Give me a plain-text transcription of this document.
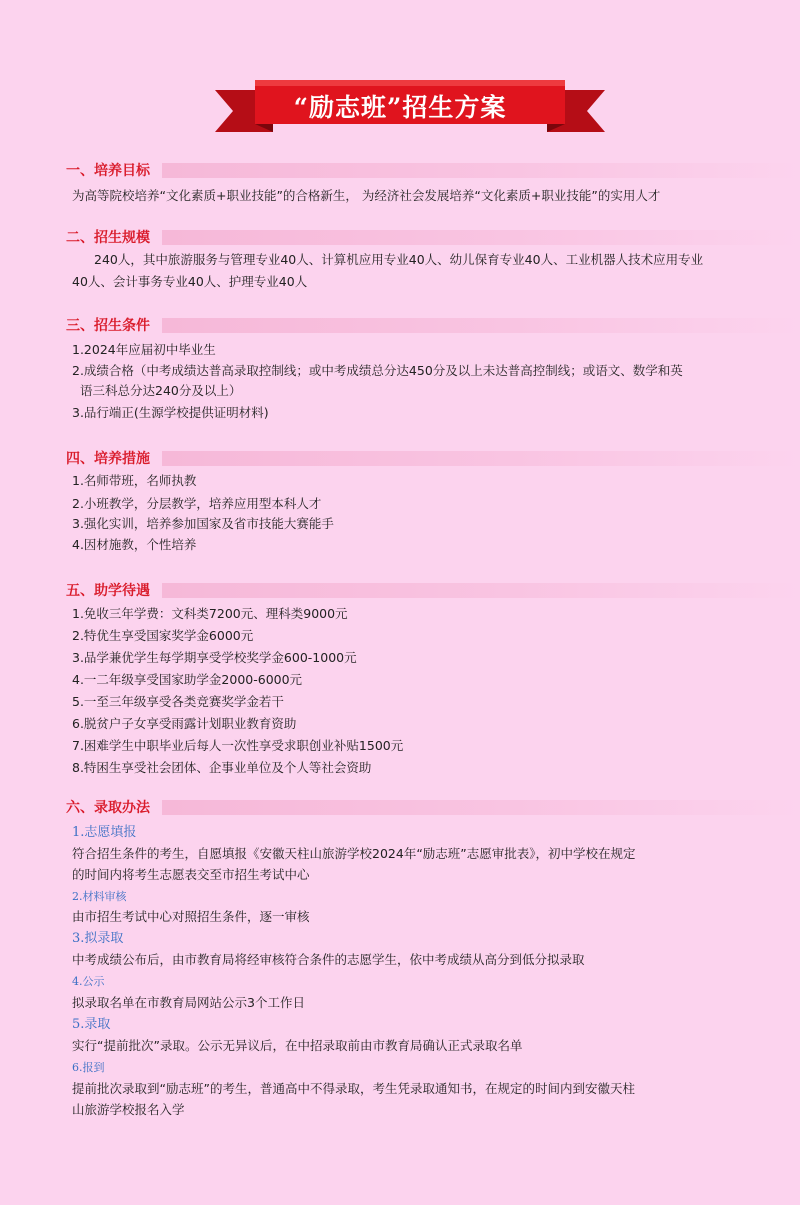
“励志班”招生方案
一、培养目标
为高等院校培养“文化素质+职业技能”的合格新生， 为经济社会发展培养“文化素质+职业技能”的实用人才
二、招生规模
240人，其中旅游服务与管理专业40人、计算机应用专业40人、幼儿保育专业40人、工业机器人技术应用专业
40人、会计事务专业40人、护理专业40人
三、招生条件
1.2024年应届初中毕业生
2.成绩合格（中考成绩达普高录取控制线；或中考成绩总分达450分及以上未达普高控制线；或语文、数学和英
语三科总分达240分及以上）
3.品行端正(生源学校提供证明材料)
四、培养措施
1.名师带班，名师执教
2.小班教学，分层教学，培养应用型本科人才
3.强化实训，培养参加国家及省市技能大赛能手
4.因材施教，个性培养
五、助学待遇
1.免收三年学费：文科类7200元、理科类9000元
2.特优生享受国家奖学金6000元
3.品学兼优学生每学期享受学校奖学金600-1000元
4.一二年级享受国家助学金2000-6000元
5.一至三年级享受各类竞赛奖学金若干
6.脱贫户子女享受雨露计划职业教育资助
7.困难学生中职毕业后每人一次性享受求职创业补贴1500元
8.特困生享受社会团体、企事业单位及个人等社会资助
六、录取办法
1.志愿填报
符合招生条件的考生，自愿填报《安徽天柱山旅游学校2024年“励志班”志愿审批表》，初中学校在规定
的时间内将考生志愿表交至市招生考试中心
2.材料审核
由市招生考试中心对照招生条件，逐一审核
3.拟录取
中考成绩公布后，由市教育局将经审核符合条件的志愿学生，依中考成绩从高分到低分拟录取
4.公示
拟录取名单在市教育局网站公示3个工作日
5.录取
实行“提前批次”录取。公示无异议后，在中招录取前由市教育局确认正式录取名单
6.报到
提前批次录取到“励志班”的考生，普通高中不得录取，考生凭录取通知书，在规定的时间内到安徽天柱
山旅游学校报名入学
